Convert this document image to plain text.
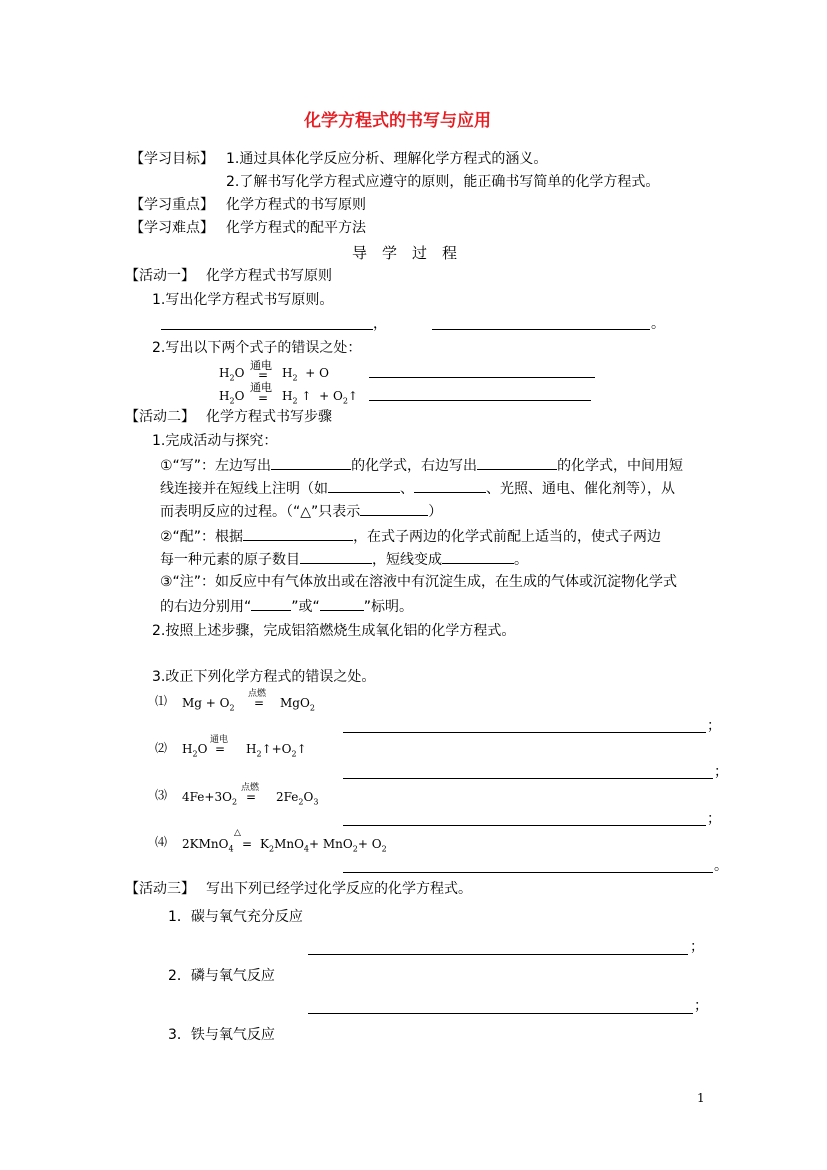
化学方程式的书写与应用
【学习目标】 1.通过具体化学反应分析、理解化学方程式的涵义。
2.了解书写化学方程式应遵守的原则，能正确书写简单的化学方程式。
【学习重点】 化学方程式的书写原则
【学习难点】 化学方程式的配平方法
导　学　过　程
【活动一】 化学方程式书写原则
1.写出化学方程式书写原则。
，	。
2.写出以下两个式子的错误之处：
$H_2O$
通电
= $H_2 + O$
$H_2O$
通电
= $H_2$ ↑ + $O_2↑$
【活动二】 化学方程式书写步骤
1.完成活动与探究：
①“写”：左边写出	的化学式，右边写出	的化学式，中间用短
线连接并在短线上注明（如	、	、光照、通电、催化剂等），从
而表明反应的过程。（“△”只表示	）
②“配”：根据	，在式子两边的化学式前配上适当的，使式子两边
每一种元素的原子数目	，短线变成	。
③“注”：如反应中有气体放出或在溶液中有沉淀生成，在生成的气体或沉淀物化学式
的右边分别用“	”或“	”标明。
2.按照上述步骤，完成铝箔燃烧生成氧化铝的化学方程式。
3.改正下列化学方程式的错误之处。
⑴ $Mg + O_2$
点燃
= MgO$_2$
；
⑵ $H_2O$
通电
= $H_2↑+O_2↑$
；
⑶ $4Fe+3O_2$
点燃
= $2Fe_2O_3$
；
⑷ 2KMnO$_4$
△
= $K_2MnO_4+ MnO_2+ O_2$
。
【活动三】 写出下列已经学过化学反应的化学方程式。
1．碳与氧气充分反应
；
2．磷与氧气反应
；
3．铁与氧气反应
1
